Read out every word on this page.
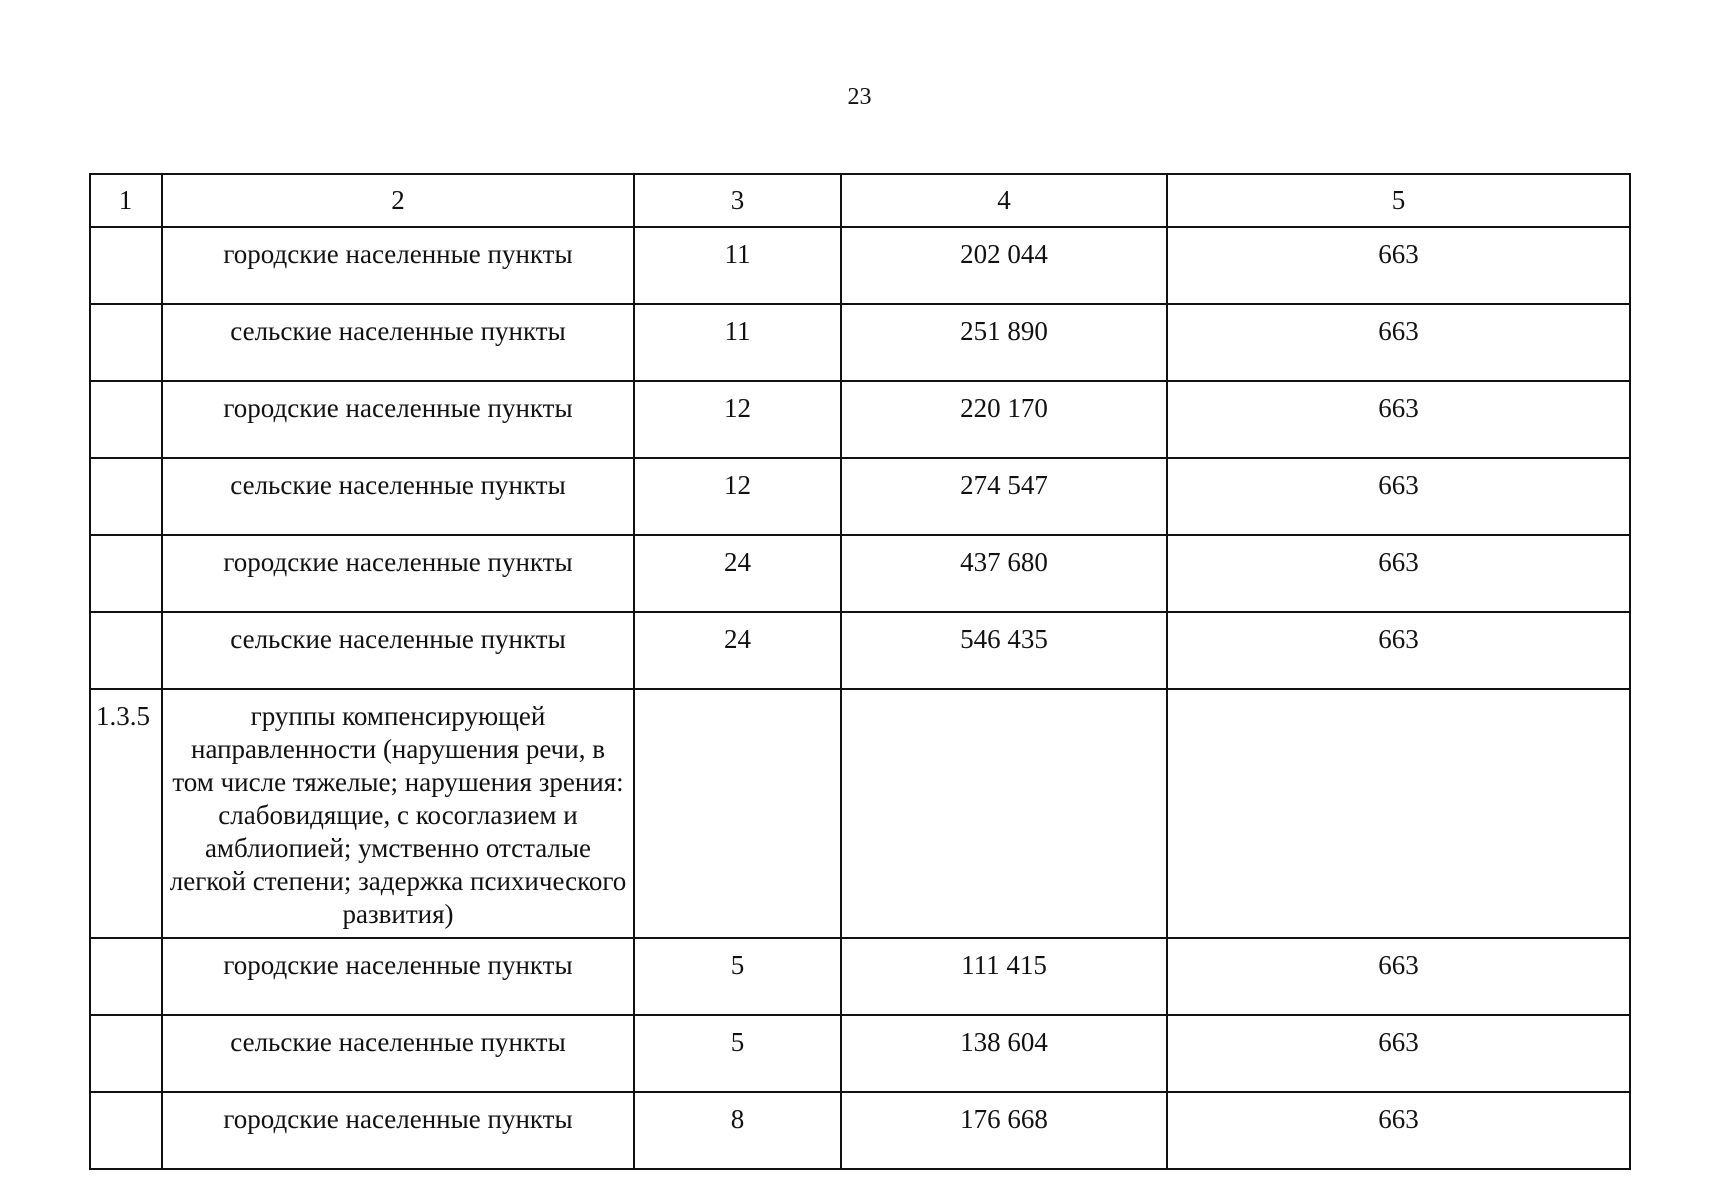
23
1	2	3	4	5
	городские населенные пункты	11	202 044	663
	сельские населенные пункты	11	251 890	663
	городские населенные пункты	12	220 170	663
	сельские населенные пункты	12	274 547	663
	городские населенные пункты	24	437 680	663
	сельские населенные пункты	24	546 435	663
1.3.5	группы компенсирующей направленности (нарушения речи, в том числе тяжелые; нарушения зрения: слабовидящие, с косоглазием и амблиопией; умственно отсталые легкой степени; задержка психического развития)			
	городские населенные пункты	5	111 415	663
	сельские населенные пункты	5	138 604	663
	городские населенные пункты	8	176 668	663
